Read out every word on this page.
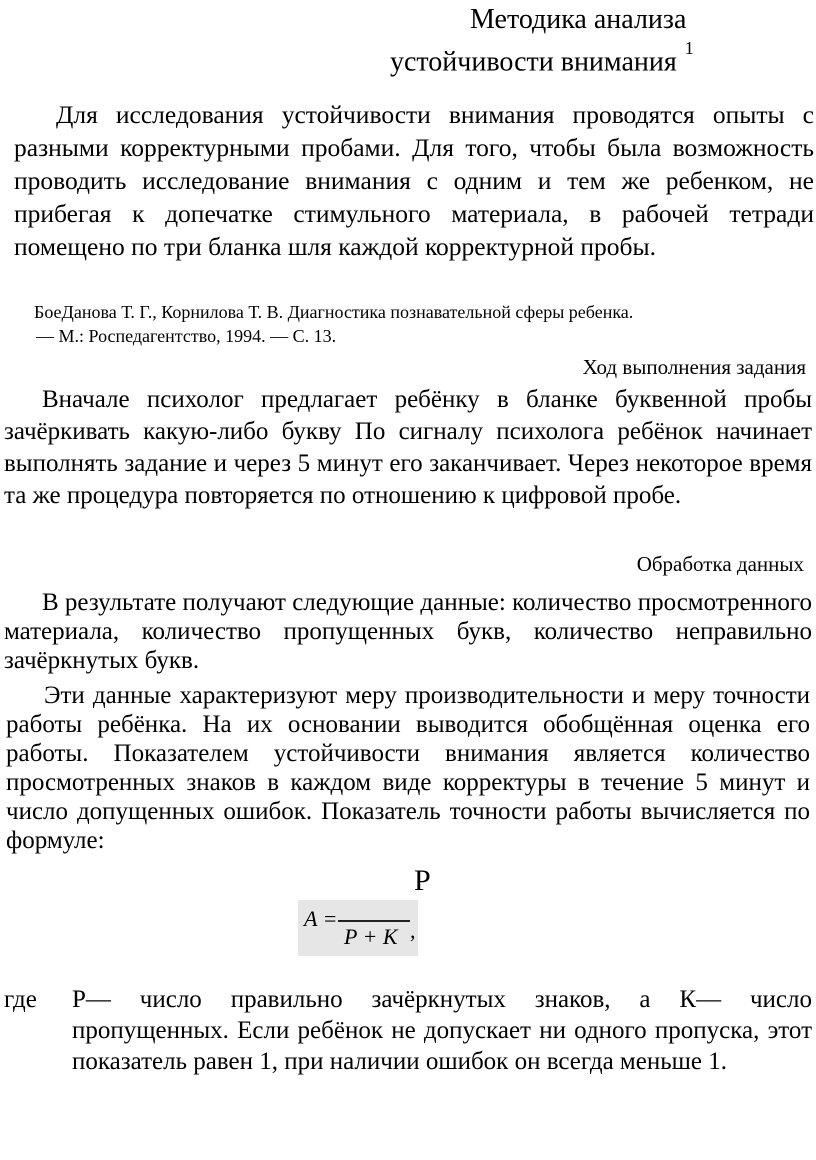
Методика анализа
устойчивости внимания $^1$
Для исследования устойчивости внимания проводятся опыты с разными корректурными пробами. Для того, чтобы была возможность проводить исследование внимания с одним и тем же ребенком, не прибегая к допечатке стимульного материала, в рабочей тетради помещено по три бланка шля каждой корректурной пробы.
БоеДанова Т. Г., Корнилова Т. В. Диагностика познавательной сферы ребенка.
— М.: Роспедагентство, 1994. — С. 13.
Ход выполнения задания
Вначале психолог предлагает ребёнку в бланке буквенной пробы зачёркивать какую-либо букву По сигналу психолога ребёнок начинает выполнять задание и через 5 минут его заканчивает. Через некоторое время та же процедура повторяется по отношению к цифровой пробе.
Обработка данных
В результате получают следующие данные: количество просмотренного материала, количество пропущенных букв, количество неправильно зачёркнутых букв.
Эти данные характеризуют меру производительности и меру точности работы ребёнка. На их основании выводится обобщённая оценка его работы. Показателем устойчивости внимания является количество просмотренных знаков в каждом виде корректуры в течение 5 минут и число допущенных ошибок. Показатель точности работы вычисляется по формуле:
P
A =
P + K ,
где	Р— число правильно зачёркнутых знаков, а К— число пропущенных. Если ребёнок не допускает ни одного пропуска, этот показатель равен 1, при наличии ошибок он всегда меньше 1.
